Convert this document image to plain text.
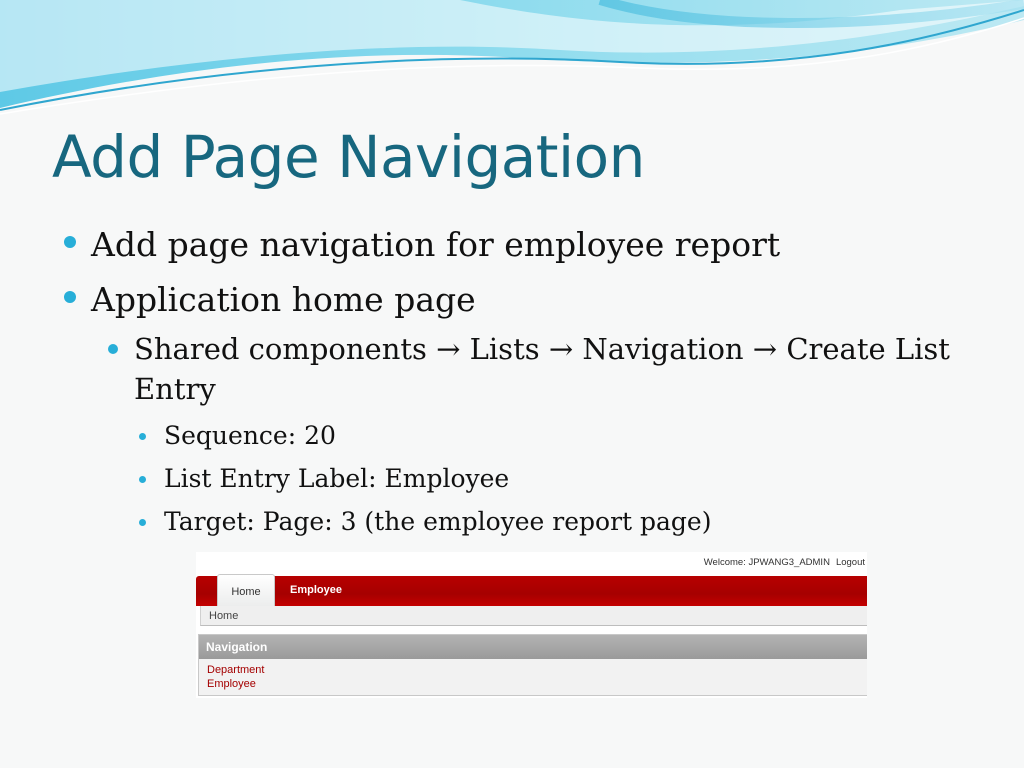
Add Page Navigation
Add page navigation for employee report
Application home page
Shared components → Lists → Navigation → Create List
Entry
Sequence: 20
List Entry Label: Employee
Target: Page: 3 (the employee report page)
Welcome: JPWANG3_ADMIN Logout
Home	Employee
Home
Navigation
Department
Employee
